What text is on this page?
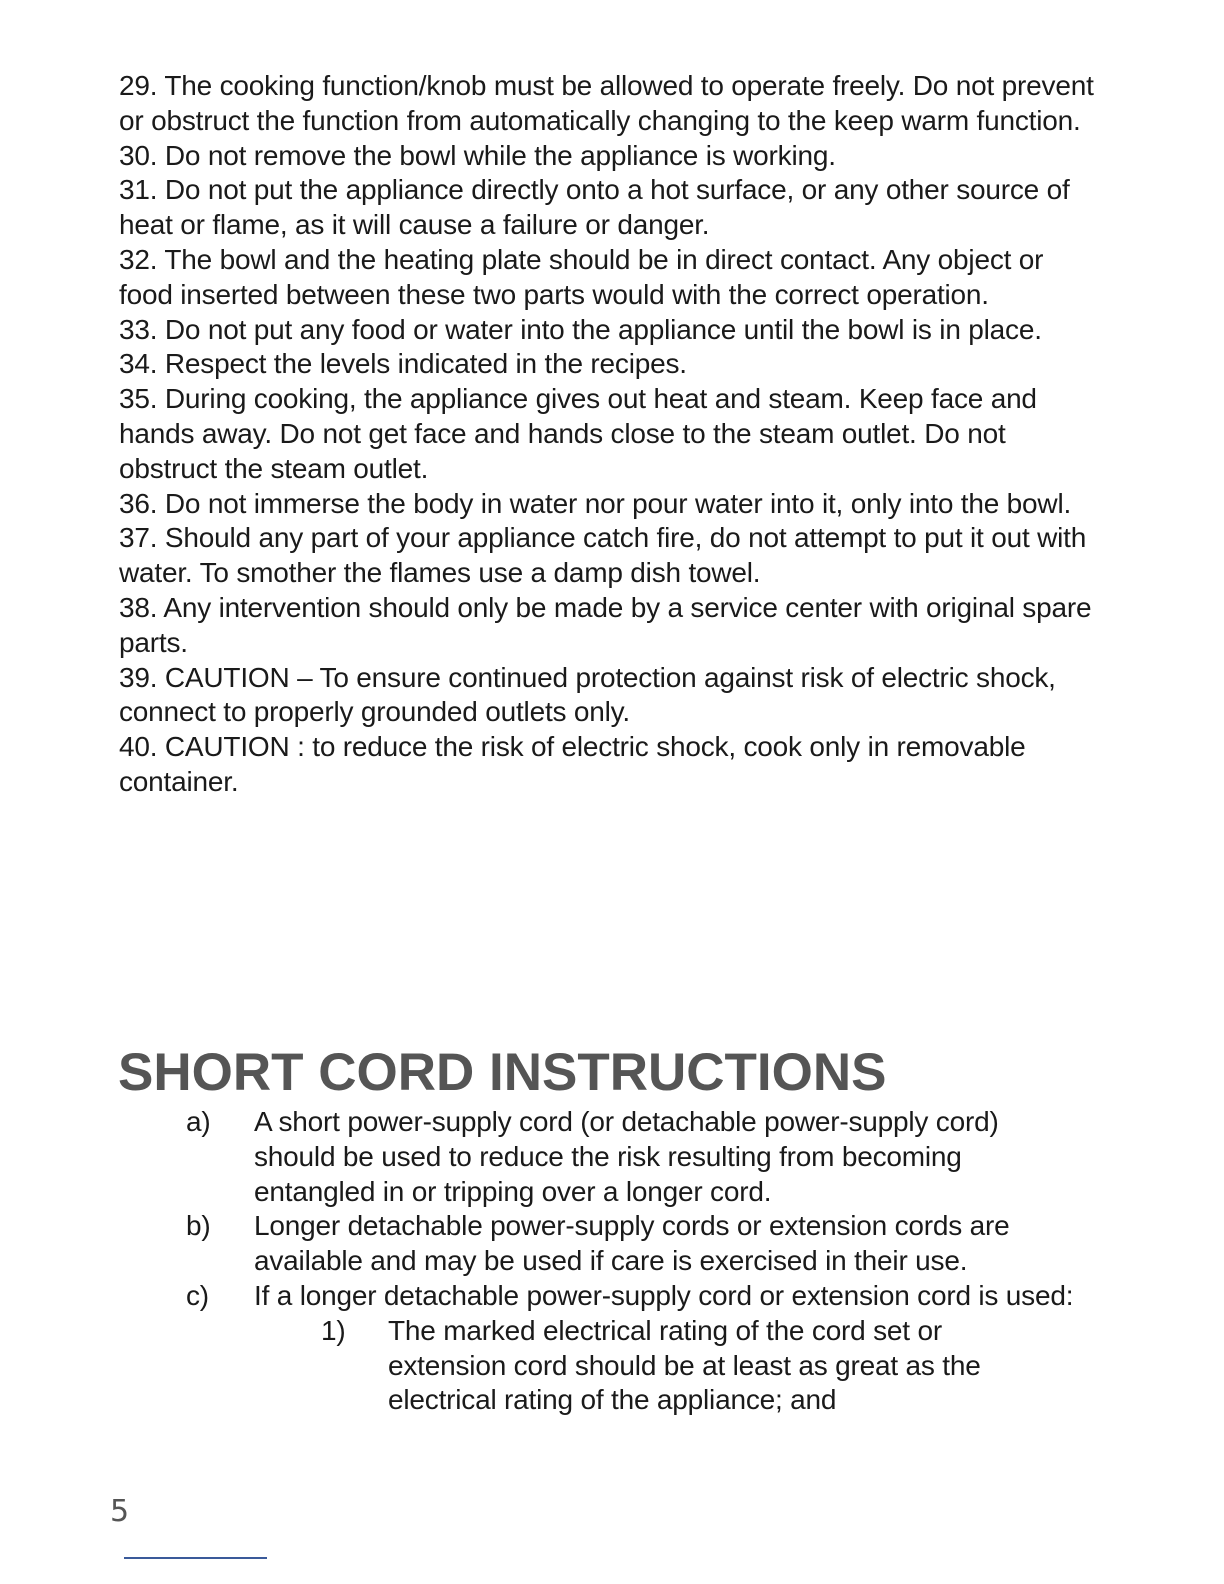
29. The cooking function/knob must be allowed to operate freely. Do not prevent or obstruct the function from automatically changing to the keep warm function.

30. Do not remove the bowl while the appliance is working.

31. Do not put the appliance directly onto a hot surface, or any other source of heat or flame, as it will cause a failure or danger.

32. The bowl and the heating plate should be in direct contact. Any object or food inserted between these two parts would with the correct operation.

33. Do not put any food or water into the appliance until the bowl is in place.

34. Respect the levels indicated in the recipes.

35. During cooking, the appliance gives out heat and steam. Keep face and hands away. Do not get face and hands close to the steam outlet. Do not obstruct the steam outlet.

36. Do not immerse the body in water nor pour water into it, only into the bowl.

37. Should any part of your appliance catch fire, do not attempt to put it out with water. To smother the flames use a damp dish towel.

38. Any intervention should only be made by a service center with original spare parts.

39. CAUTION – To ensure continued protection against risk of electric shock, connect to properly grounded outlets only.

40. CAUTION : to reduce the risk of electric shock, cook only in removable container.

SHORT CORD INSTRUCTIONS
a)	A short power-supply cord (or detachable power-supply cord) should be used to reduce the risk resulting from becoming entangled in or tripping over a longer cord.
b)	Longer detachable power-supply cords or extension cords are available and may be used if care is exercised in their use.
c)	If a longer detachable power-supply cord or extension cord is used:
1)	The marked electrical rating of the cord set or extension cord should be at least as great as the electrical rating of the appliance; and
5
